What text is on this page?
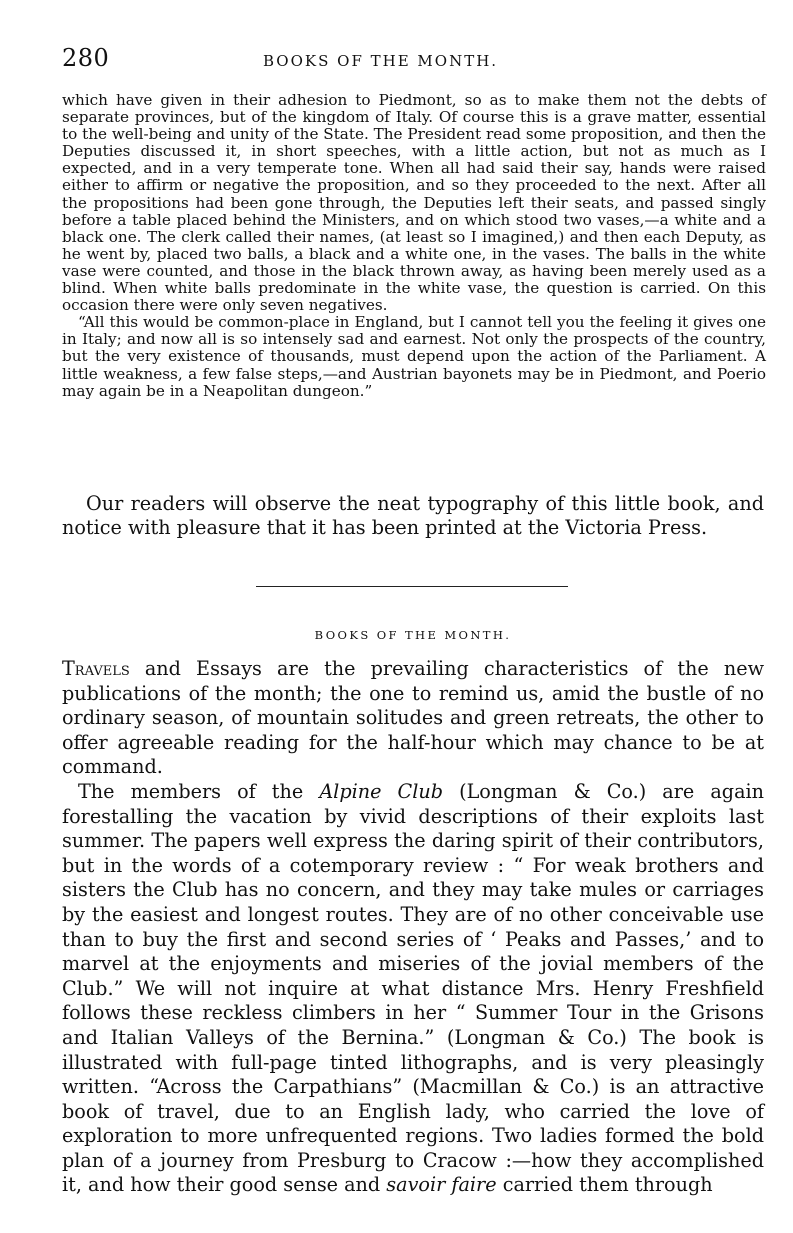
280	BOOKS OF THE MONTH.

which have given in their adhesion to Piedmont, so as to make them not the debts of separate provinces, but of the kingdom of Italy. Of course this is a grave matter, essential to the well-being and unity of the State. The President read some proposition, and then the Deputies discussed it, in short speeches, with a little action, but not as much as I expected, and in a very temperate tone. When all had said their say, hands were raised either to affirm or negative the proposition, and so they proceeded to the next. After all the propositions had been gone through, the Deputies left their seats, and passed singly before a table placed behind the Ministers, and on which stood two vases,—a white and a black one. The clerk called their names, (at least so I imagined,) and then each Deputy, as he went by, placed two balls, a black and a white one, in the vases. The balls in the white vase were counted, and those in the black thrown away, as having been merely used as a blind. When white balls predominate in the white vase, the question is carried. On this occasion there were only seven negatives.

“All this would be common-place in England, but I cannot tell you the feeling it gives one in Italy; and now all is so intensely sad and earnest. Not only the prospects of the country, but the very existence of thousands, must depend upon the action of the Parliament. A little weakness, a few false steps,—and Austrian bayonets may be in Piedmont, and Poerio may again be in a Neapolitan dungeon.”

Our readers will observe the neat typography of this little book, and notice with pleasure that it has been printed at the Victoria Press.

BOOKS OF THE MONTH.

Travels and Essays are the prevailing characteristics of the new publications of the month; the one to remind us, amid the bustle of no ordinary season, of mountain solitudes and green retreats, the other to offer agreeable reading for the half-hour which may chance to be at command.

The members of the Alpine Club (Longman & Co.) are again forestalling the vacation by vivid descriptions of their exploits last summer. The papers well express the daring spirit of their contributors, but in the words of a cotemporary review : “ For weak brothers and sisters the Club has no concern, and they may take mules or carriages by the easiest and longest routes. They are of no other conceivable use than to buy the first and second series of ‘ Peaks and Passes,’ and to marvel at the enjoyments and miseries of the jovial members of the Club.” We will not inquire at what distance Mrs. Henry Freshfield follows these reckless climbers in her “ Summer Tour in the Grisons and Italian Valleys of the Bernina.” (Longman & Co.) The book is illustrated with full-page tinted lithographs, and is very pleasingly written. “Across the Carpathians” (Macmillan & Co.) is an attractive book of travel, due to an English lady, who carried the love of exploration to more unfrequented regions. Two ladies formed the bold plan of a journey from Presburg to Cracow :—how they accomplished it, and how their good sense and savoir faire carried them through
